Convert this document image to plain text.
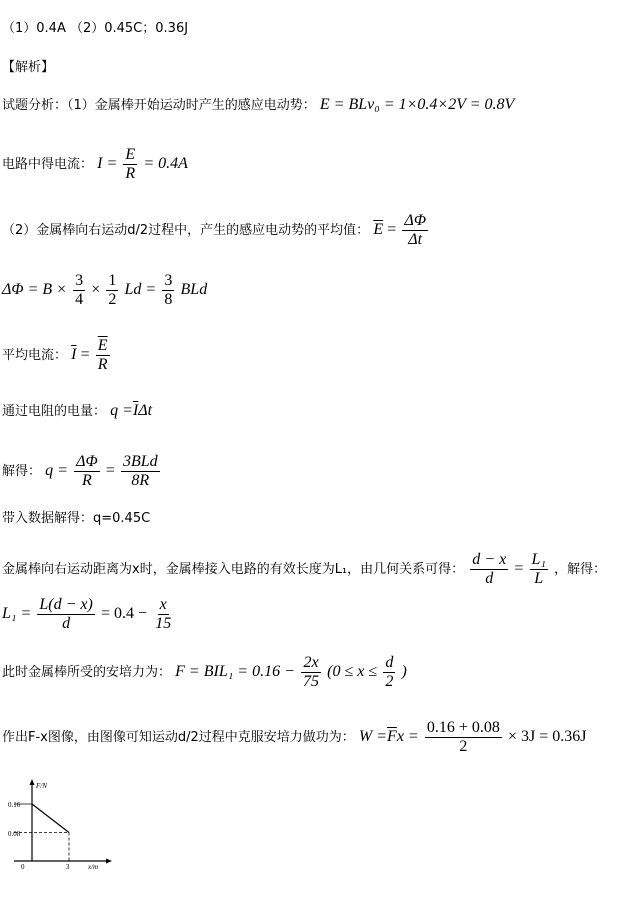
（1）0.4A （2）0.45C；0.36J
【解析】
试题分析：（1）金属棒开始运动时产生的感应电动势： E = BLv₀ = 1×0.4×2V = 0.8V
电路中得电流： $I = \frac{E}{R} = 0.4A$
（2）金属棒向右运动d/2过程中，产生的感应电动势的平均值： $\overline{E} = \frac{\Delta\Phi}{\Delta t}$
$\Delta\Phi = B \times \frac{3}{4} \times \frac{1}{2}$ $Ld = \frac{3}{8}$ BLd
平均电流： $\overline{I} = \frac{\overline{E}}{R}$
通过电阻的电量： $q =\overline{I}\Delta t$
解得： $q = \frac{\Delta\Phi}{R} = \frac{\text{3BLd}}{8R}$
带入数据解得：q=0.45C
金属棒向右运动距离为x时，金属棒接入电路的有效长度为L₁，由几何关系可得： $\frac{d - x}{d} = \frac{\text{L₁}}{L}$ ，解得：
$L_1 = \frac{L(d - x)}{d} = 0.4 - \frac{x}{15}$
此时金属棒所受的安培力为： $F = BIL_1 = 0.16 - \frac{2x}{75} (0 \le x \le \frac{d}{2}$ )
作出F-x图像，由图像可知运动d/2过程中克服安培力做功为： $W =\overline{F}x = \frac{0.16 + 0.08}{2} \times 3J = 0.36J$
F/N
x/m
0.16
0.08
0	3
